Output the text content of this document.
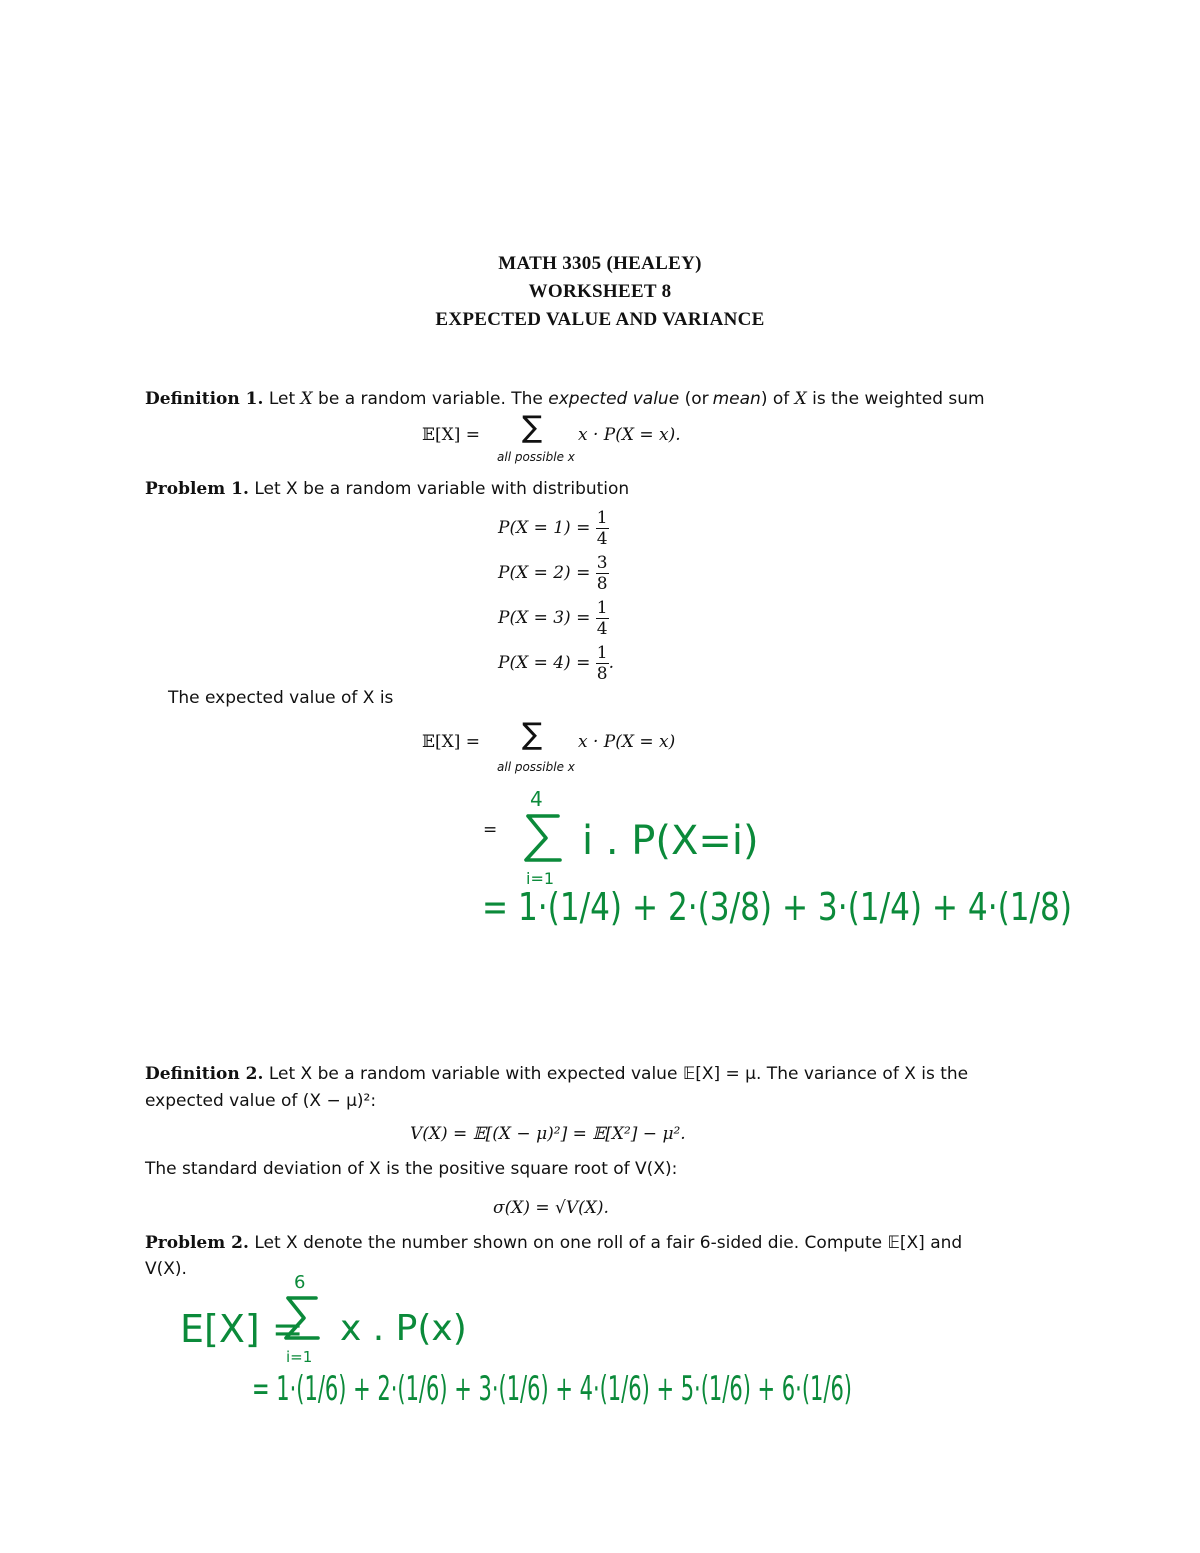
MATH 3305 (HEALEY)
WORKSHEET 8
EXPECTED VALUE AND VARIANCE
Definition 1. Let X be a random variable. The expected value (or mean) of X is the weighted sum
𝔼[X] = ∑
all possible x
x · P(X = x).
Problem 1. Let X be a random variable with distribution
$P(X = 1) = \frac{1}{4}$
$P(X = 2) = \frac{3}{8}$
$P(X = 3) = \frac{1}{4}$
$P(X = 4) = \frac{1}{8}$ .
The expected value of X is
𝔼[X] = ∑
all possible x
x · P(X = x)
=
4
i=1
i . P(X=i)
= 1·(1/4) + 2·(3/8) + 3·(1/4) + 4·(1/8)
Definition 2. Let X be a random variable with expected value 𝔼[X] = μ. The variance of X is the
expected value of (X − μ)²:
V(X) = 𝔼[(X − μ)²] = 𝔼[X²] − μ².
The standard deviation of X is the positive square root of V(X):
σ(X) = √V(X).
Problem 2. Let X denote the number shown on one roll of a fair 6-sided die. Compute 𝔼[X] and
V(X).
E[X] =
6
i=1
x . P(x)
= 1·(1/6) + 2·(1/6) + 3·(1/6) + 4·(1/6) + 5·(1/6) + 6·(1/6)
